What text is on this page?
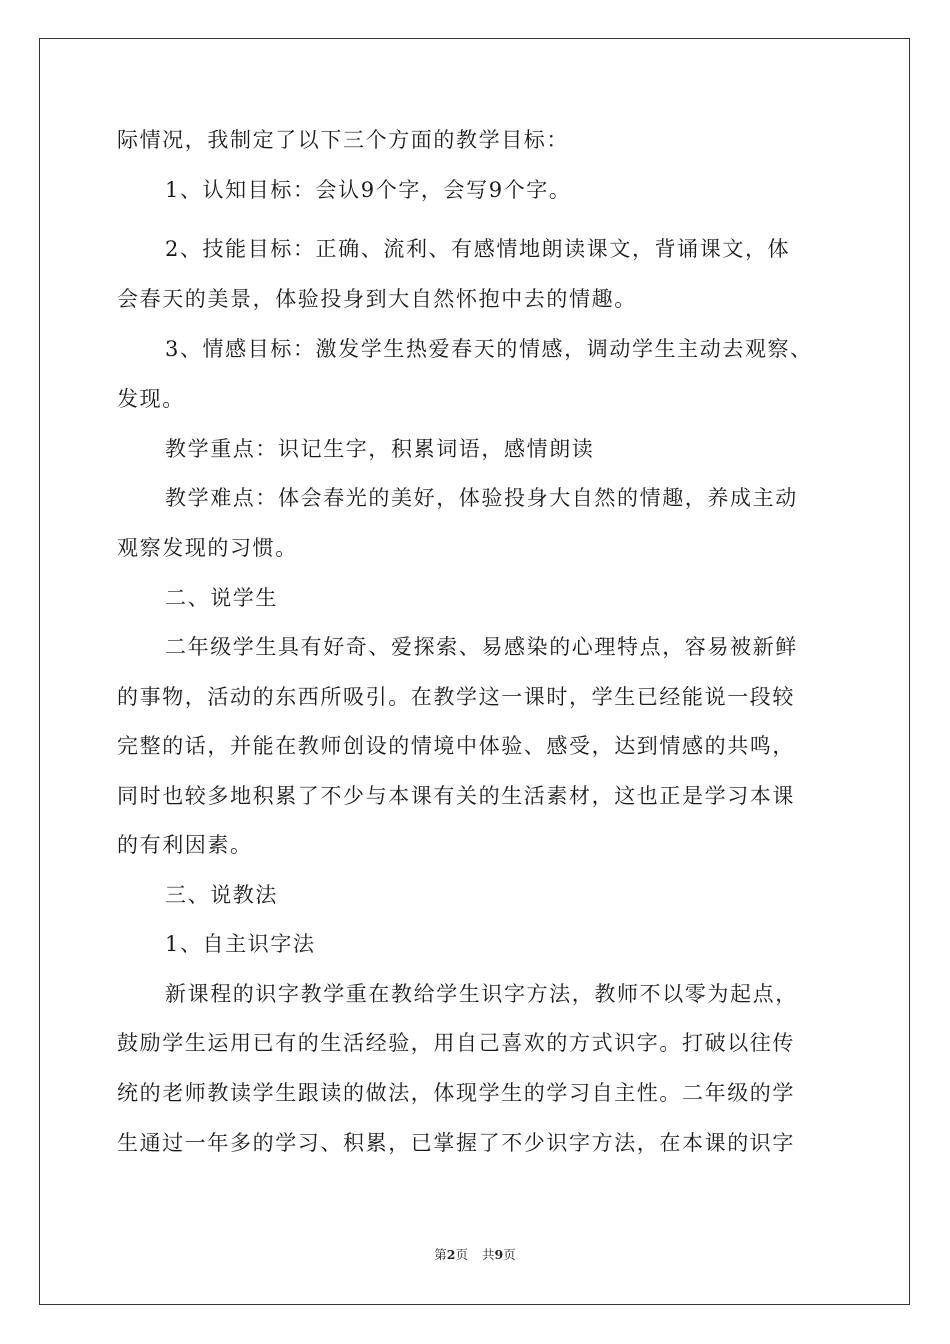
际情况，我制定了以下三个方面的教学目标：
1、认知目标：会认9个字，会写9个字。
2、技能目标：正确、流利、有感情地朗读课文，背诵课文，体
会春天的美景，体验投身到大自然怀抱中去的情趣。
3、情感目标：激发学生热爱春天的情感，调动学生主动去观察、
发现。
教学重点：识记生字，积累词语，感情朗读
教学难点：体会春光的美好，体验投身大自然的情趣，养成主动
观察发现的习惯。
二、说学生
二年级学生具有好奇、爱探索、易感染的心理特点，容易被新鲜
的事物，活动的东西所吸引。在教学这一课时，学生已经能说一段较
完整的话，并能在教师创设的情境中体验、感受，达到情感的共鸣，
同时也较多地积累了不少与本课有关的生活素材，这也正是学习本课
的有利因素。
三、说教法
1、自主识字法
新课程的识字教学重在教给学生识字方法，教师不以零为起点，
鼓励学生运用已有的生活经验，用自己喜欢的方式识字。打破以往传
统的老师教读学生跟读的做法，体现学生的学习自主性。二年级的学
生通过一年多的学习、积累，已掌握了不少识字方法，在本课的识字
第2页 共9页
